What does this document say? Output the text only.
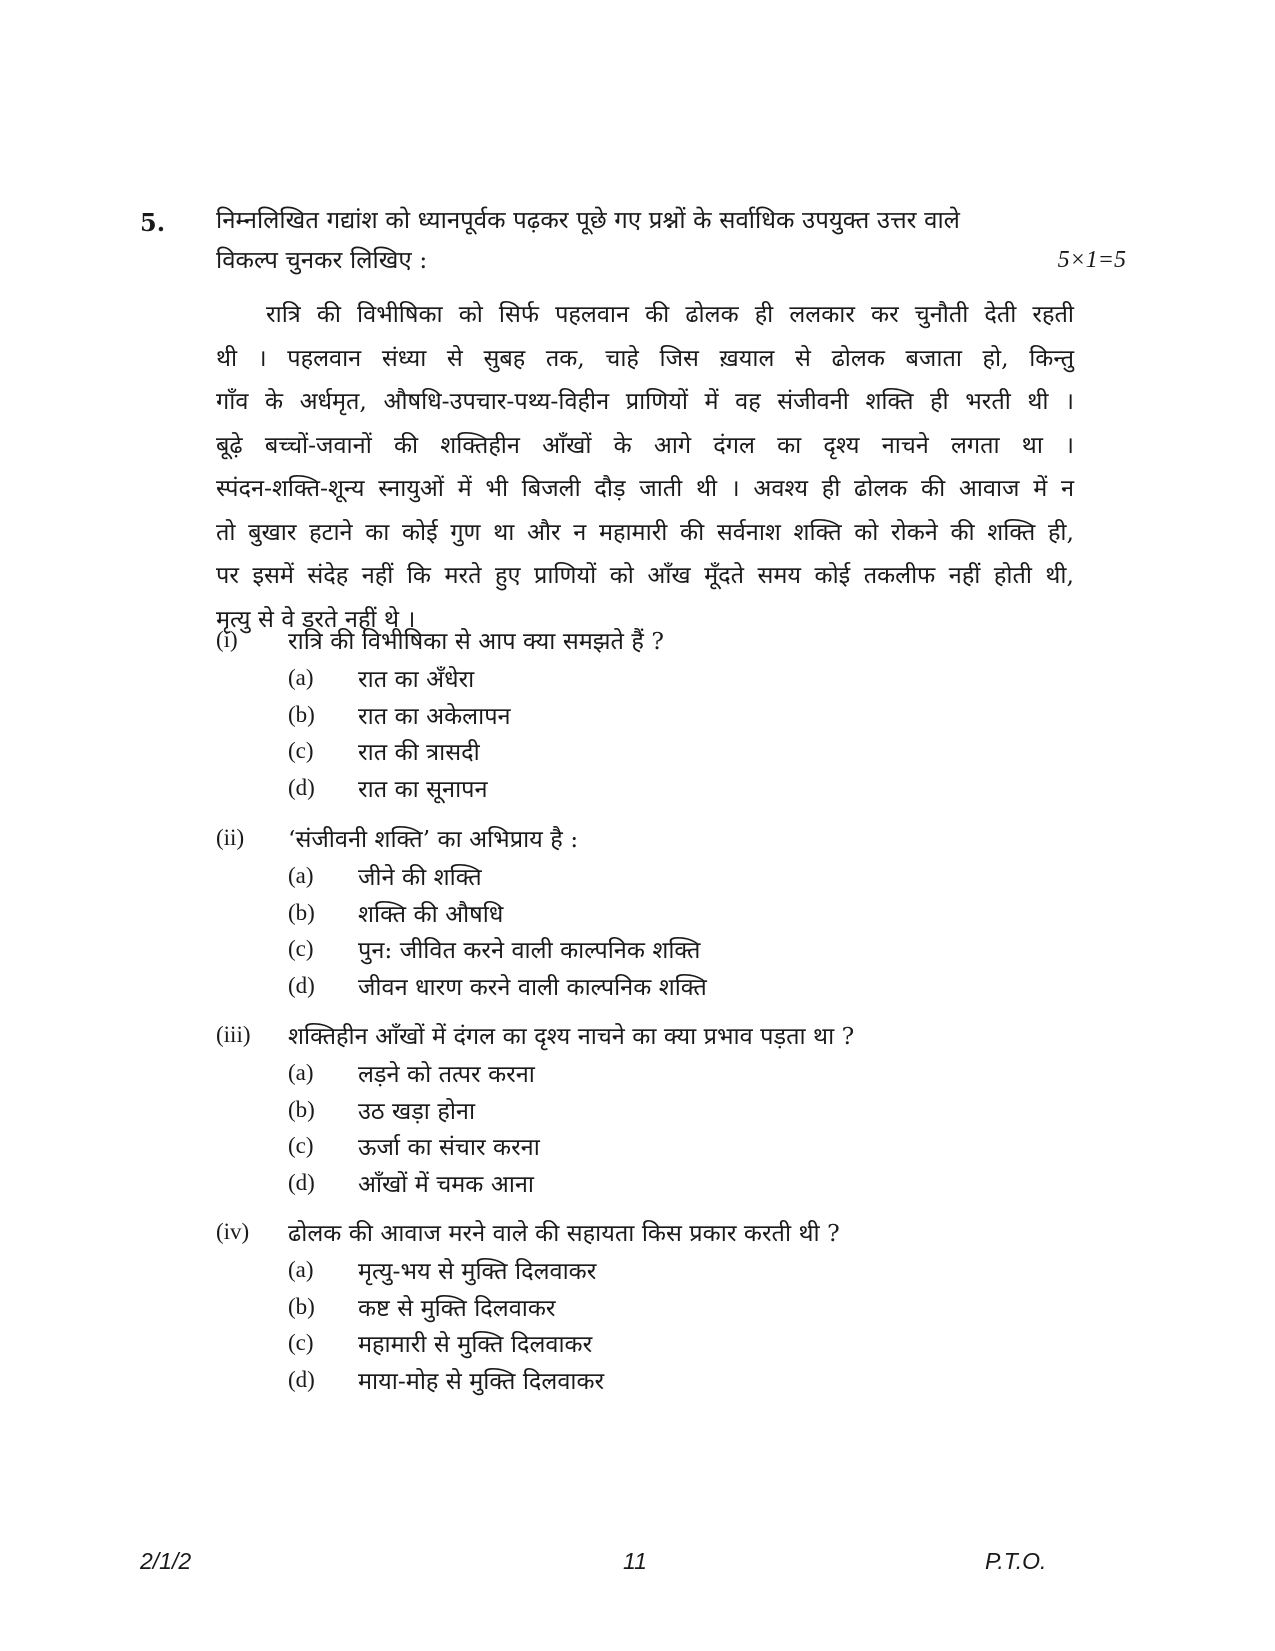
5. निम्नलिखित गद्यांश को ध्यानपूर्वक पढ़कर पूछे गए प्रश्नों के सर्वाधिक उपयुक्त उत्तर वाले
विकल्प चुनकर लिखिए :	5×1=5
रात्रि की विभीषिका को सिर्फ पहलवान की ढोलक ही ललकार कर चुनौती देती रहती
थी । पहलवान संध्या से सुबह तक, चाहे जिस ख़याल से ढोलक बजाता हो, किन्तु
गाँव के अर्धमृत, औषधि-उपचार-पथ्य-विहीन प्राणियों में वह संजीवनी शक्ति ही भरती थी ।
बूढ़े बच्चों-जवानों की शक्तिहीन आँखों के आगे दंगल का दृश्य नाचने लगता था ।
स्पंदन-शक्ति-शून्य स्नायुओं में भी बिजली दौड़ जाती थी । अवश्य ही ढोलक की आवाज में न
तो बुखार हटाने का कोई गुण था और न महामारी की सर्वनाश शक्ति को रोकने की शक्ति ही,
पर इसमें संदेह नहीं कि मरते हुए प्राणियों को आँख मूँदते समय कोई तकलीफ नहीं होती थी,
मृत्यु से वे डरते नहीं थे ।
(i)	रात्रि की विभीषिका से आप क्या समझते हैं ?
(a)	रात का अँधेरा
(b)	रात का अकेलापन
(c)	रात की त्रासदी
(d)	रात का सूनापन
(ii)	‘संजीवनी शक्ति’ का अभिप्राय है :
(a)	जीने की शक्ति
(b)	शक्ति की औषधि
(c)	पुन: जीवित करने वाली काल्पनिक शक्ति
(d)	जीवन धारण करने वाली काल्पनिक शक्ति
(iii)	शक्तिहीन आँखों में दंगल का दृश्य नाचने का क्या प्रभाव पड़ता था ?
(a)	लड़ने को तत्पर करना
(b)	उठ खड़ा होना
(c)	ऊर्जा का संचार करना
(d)	आँखों में चमक आना
(iv)	ढोलक की आवाज मरने वाले की सहायता किस प्रकार करती थी ?
(a)	मृत्यु-भय से मुक्ति दिलवाकर
(b)	कष्ट से मुक्ति दिलवाकर
(c)	महामारी से मुक्ति दिलवाकर
(d)	माया-मोह से मुक्ति दिलवाकर
2/1/2	11	P.T.O.
